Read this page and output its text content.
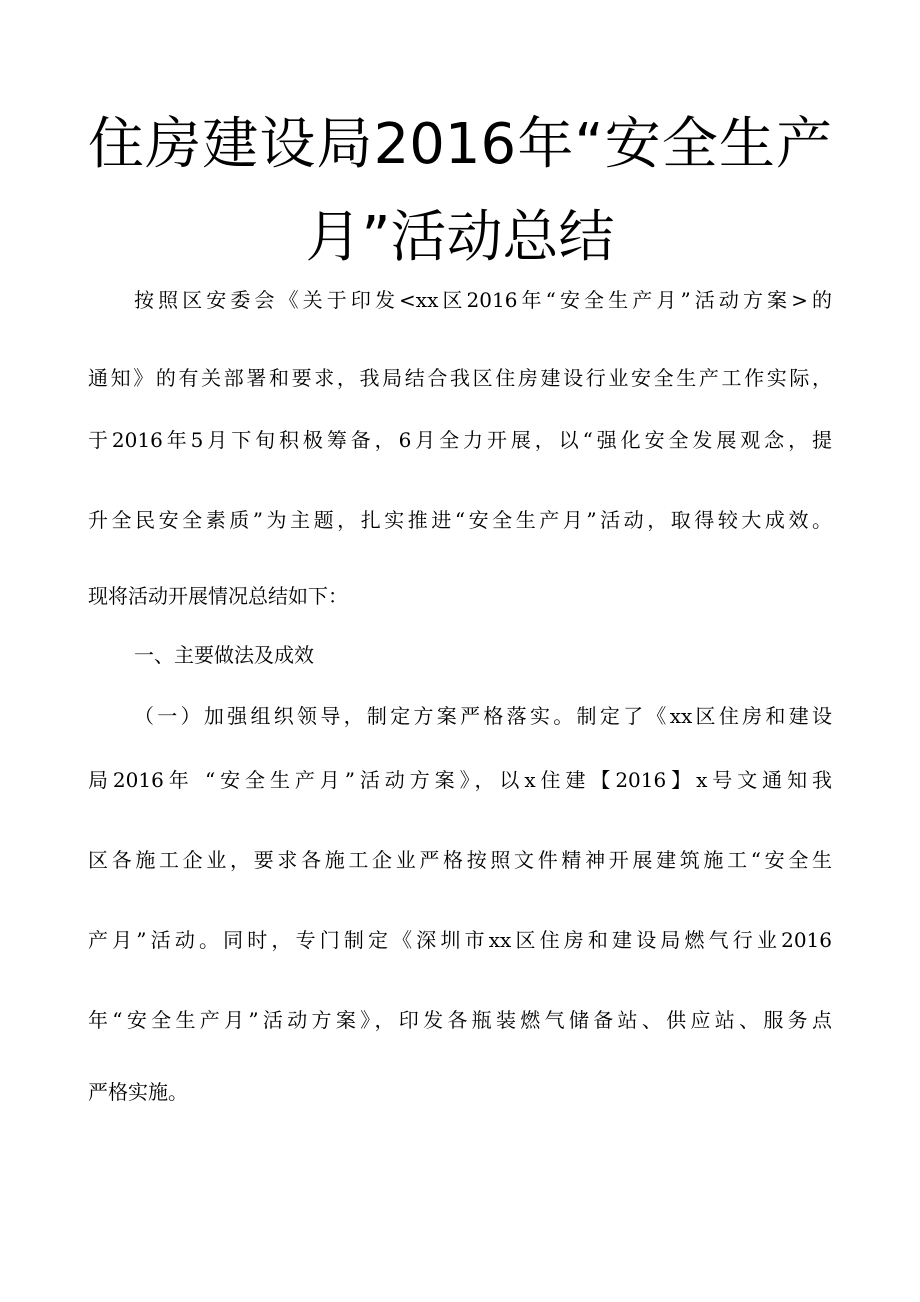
住房建设局2016年“安全生产
月”活动总结
按照区安委会《关于印发<xx区2016年“安全生产月”活动方案>的
通知》的有关部署和要求，我局结合我区住房建设行业安全生产工作实际，
于2016年5月下旬积极筹备，6月全力开展，以“强化安全发展观念，提
升全民安全素质”为主题，扎实推进“安全生产月”活动，取得较大成效。
现将活动开展情况总结如下：
一、主要做法及成效
（一）加强组织领导，制定方案严格落实。制定了《xx区住房和建设
局2016年 “安全生产月”活动方案》，以x住建【2016】x号文通知我
区各施工企业，要求各施工企业严格按照文件精神开展建筑施工“安全生
产月”活动。同时，专门制定《深圳市xx区住房和建设局燃气行业2016
年“安全生产月”活动方案》，印发各瓶装燃气储备站、供应站、服务点
严格实施。
